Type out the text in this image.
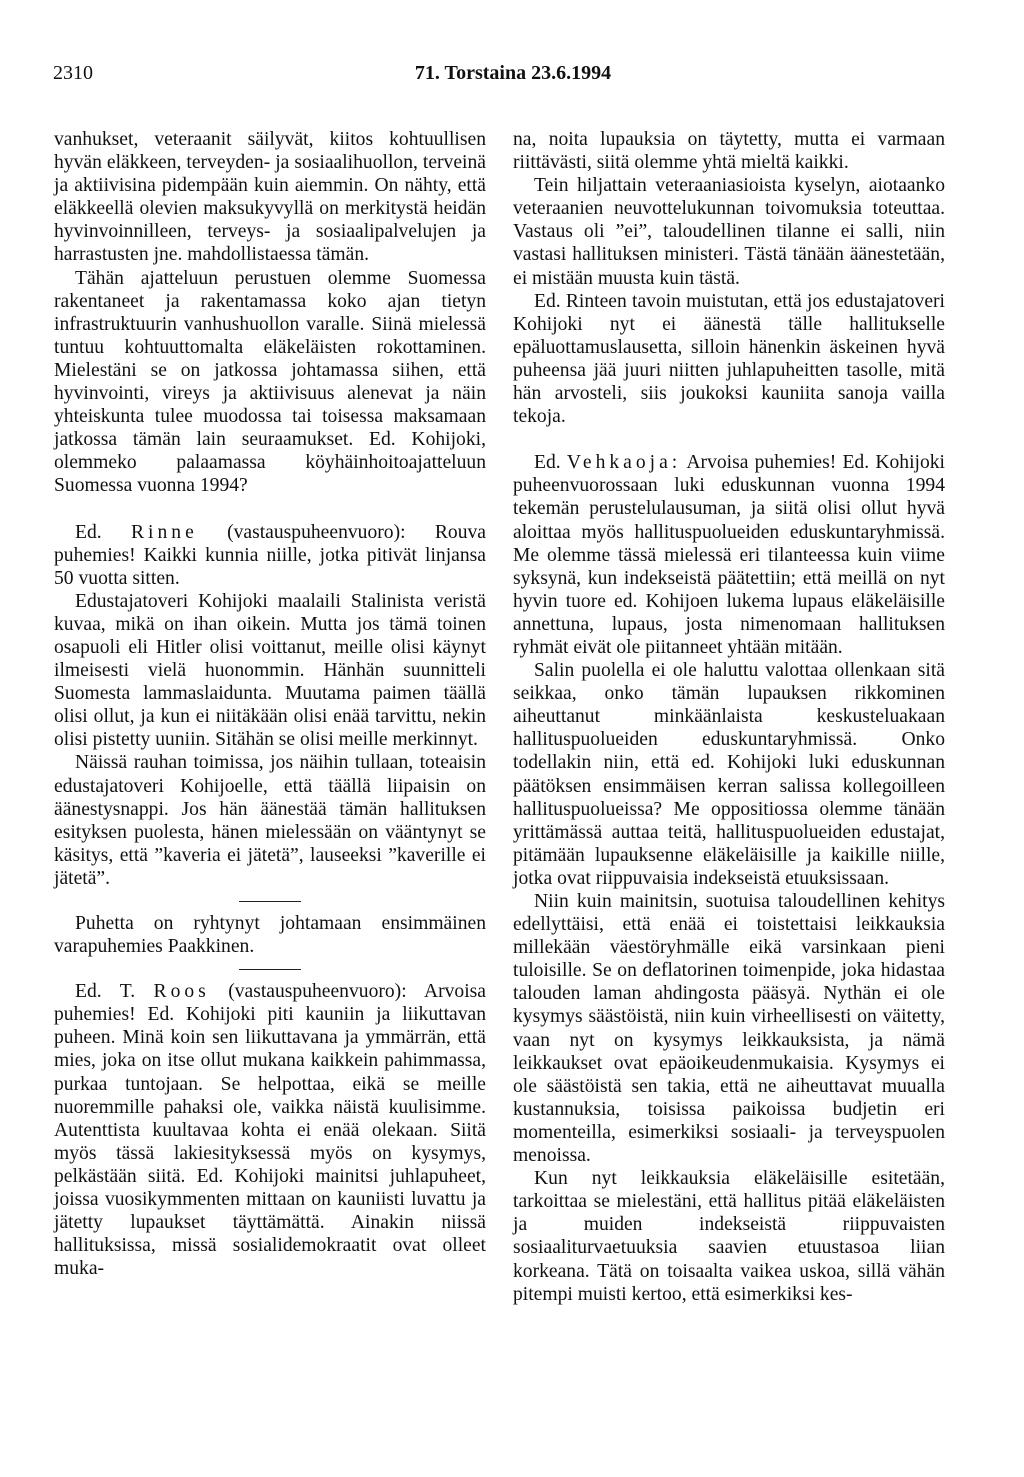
2310	71. Torstaina 23.6.1994

vanhukset, veteraanit säilyvät, kiitos kohtuullisen hyvän eläkkeen, terveyden- ja sosiaalihuollon, terveinä ja aktiivisina pidempään kuin aiemmin. On nähty, että eläkkeellä olevien maksukyvyllä on merkitystä heidän hyvinvoinnilleen, terveys- ja sosiaalipalvelujen ja harrastusten jne. mahdollistaessa tämän.

Tähän ajatteluun perustuen olemme Suomessa rakentaneet ja rakentamassa koko ajan tietyn infrastruktuurin vanhushuollon varalle. Siinä mielessä tuntuu kohtuuttomalta eläkeläisten rokottaminen. Mielestäni se on jatkossa johtamassa siihen, että hyvinvointi, vireys ja aktiivisuus alenevat ja näin yhteiskunta tulee muodossa tai toisessa maksamaan jatkossa tämän lain seuraamukset. Ed. Kohijoki, olemmeko palaamassa köyhäinhoitoajatteluun Suomessa vuonna 1994?

Ed. Rinne (vastauspuheenvuoro): Rouva puhemies! Kaikki kunnia niille, jotka pitivät linjansa 50 vuotta sitten.

Edustajatoveri Kohijoki maalaili Stalinista veristä kuvaa, mikä on ihan oikein. Mutta jos tämä toinen osapuoli eli Hitler olisi voittanut, meille olisi käynyt ilmeisesti vielä huonommin. Hänhän suunnitteli Suomesta lammaslaidunta. Muutama paimen täällä olisi ollut, ja kun ei niitäkään olisi enää tarvittu, nekin olisi pistetty uuniin. Sitähän se olisi meille merkinnyt.

Näissä rauhan toimissa, jos näihin tullaan, toteaisin edustajatoveri Kohijoelle, että täällä liipaisin on äänestysnappi. Jos hän äänestää tämän hallituksen esityksen puolesta, hänen mielessään on vääntynyt se käsitys, että ”kaveria ei jätetä”, lauseeksi ”kaverille ei jätetä”.

Puhetta on ryhtynyt johtamaan ensimmäinen varapuhemies Paakkinen.

Ed. T. Roos (vastauspuheenvuoro): Arvoisa puhemies! Ed. Kohijoki piti kauniin ja liikuttavan puheen. Minä koin sen liikuttavana ja ymmärrän, että mies, joka on itse ollut mukana kaikkein pahimmassa, purkaa tuntojaan. Se helpottaa, eikä se meille nuoremmille pahaksi ole, vaikka näistä kuulisimme. Autenttista kuultavaa kohta ei enää olekaan. Siitä myös tässä lakiesityksessä myös on kysymys, pelkästään siitä. Ed. Kohijoki mainitsi juhlapuheet, joissa vuosikymmenten mittaan on kauniisti luvattu ja jätetty lupaukset täyttämättä. Ainakin niissä hallituksissa, missä sosialidemokraatit ovat olleet muka-

na, noita lupauksia on täytetty, mutta ei varmaan riittävästi, siitä olemme yhtä mieltä kaikki.

Tein hiljattain veteraaniasioista kyselyn, aiotaanko veteraanien neuvottelukunnan toivomuksia toteuttaa. Vastaus oli ”ei”, taloudellinen tilanne ei salli, niin vastasi hallituksen ministeri. Tästä tänään äänestetään, ei mistään muusta kuin tästä.

Ed. Rinteen tavoin muistutan, että jos edustajatoveri Kohijoki nyt ei äänestä tälle hallitukselle epäluottamuslausetta, silloin hänenkin äskeinen hyvä puheensa jää juuri niitten juhlapuheitten tasolle, mitä hän arvosteli, siis joukoksi kauniita sanoja vailla tekoja.

Ed. Vehkaoja: Arvoisa puhemies! Ed. Kohijoki puheenvuorossaan luki eduskunnan vuonna 1994 tekemän perustelulausuman, ja siitä olisi ollut hyvä aloittaa myös hallituspuolueiden eduskuntaryhmissä. Me olemme tässä mielessä eri tilanteessa kuin viime syksynä, kun indekseistä päätettiin; että meillä on nyt hyvin tuore ed. Kohijoen lukema lupaus eläkeläisille annettuna, lupaus, josta nimenomaan hallituksen ryhmät eivät ole piitanneet yhtään mitään.

Salin puolella ei ole haluttu valottaa ollenkaan sitä seikkaa, onko tämän lupauksen rikkominen aiheuttanut minkäänlaista keskusteluakaan hallituspuolueiden eduskuntaryhmissä. Onko todellakin niin, että ed. Kohijoki luki eduskunnan päätöksen ensimmäisen kerran salissa kollegoilleen hallituspuolueissa? Me oppositiossa olemme tänään yrittämässä auttaa teitä, hallituspuolueiden edustajat, pitämään lupauksenne eläkeläisille ja kaikille niille, jotka ovat riippuvaisia indekseistä etuuksissaan.

Niin kuin mainitsin, suotuisa taloudellinen kehitys edellyttäisi, että enää ei toistettaisi leikkauksia millekään väestöryhmälle eikä varsinkaan pieni tuloisille. Se on deflatorinen toimenpide, joka hidastaa talouden laman ahdingosta pääsyä. Nythän ei ole kysymys säästöistä, niin kuin virheellisesti on väitetty, vaan nyt on kysymys leikkauksista, ja nämä leikkaukset ovat epäoikeudenmukaisia. Kysymys ei ole säästöistä sen takia, että ne aiheuttavat muualla kustannuksia, toisissa paikoissa budjetin eri momenteilla, esimerkiksi sosiaali- ja terveyspuolen menoissa.

Kun nyt leikkauksia eläkeläisille esitetään, tarkoittaa se mielestäni, että hallitus pitää eläkeläisten ja muiden indekseistä riippuvaisten sosiaaliturvaetuuksia saavien etuustasoa liian korkeana. Tätä on toisaalta vaikea uskoa, sillä vähän pitempi muisti kertoo, että esimerkiksi kes-
